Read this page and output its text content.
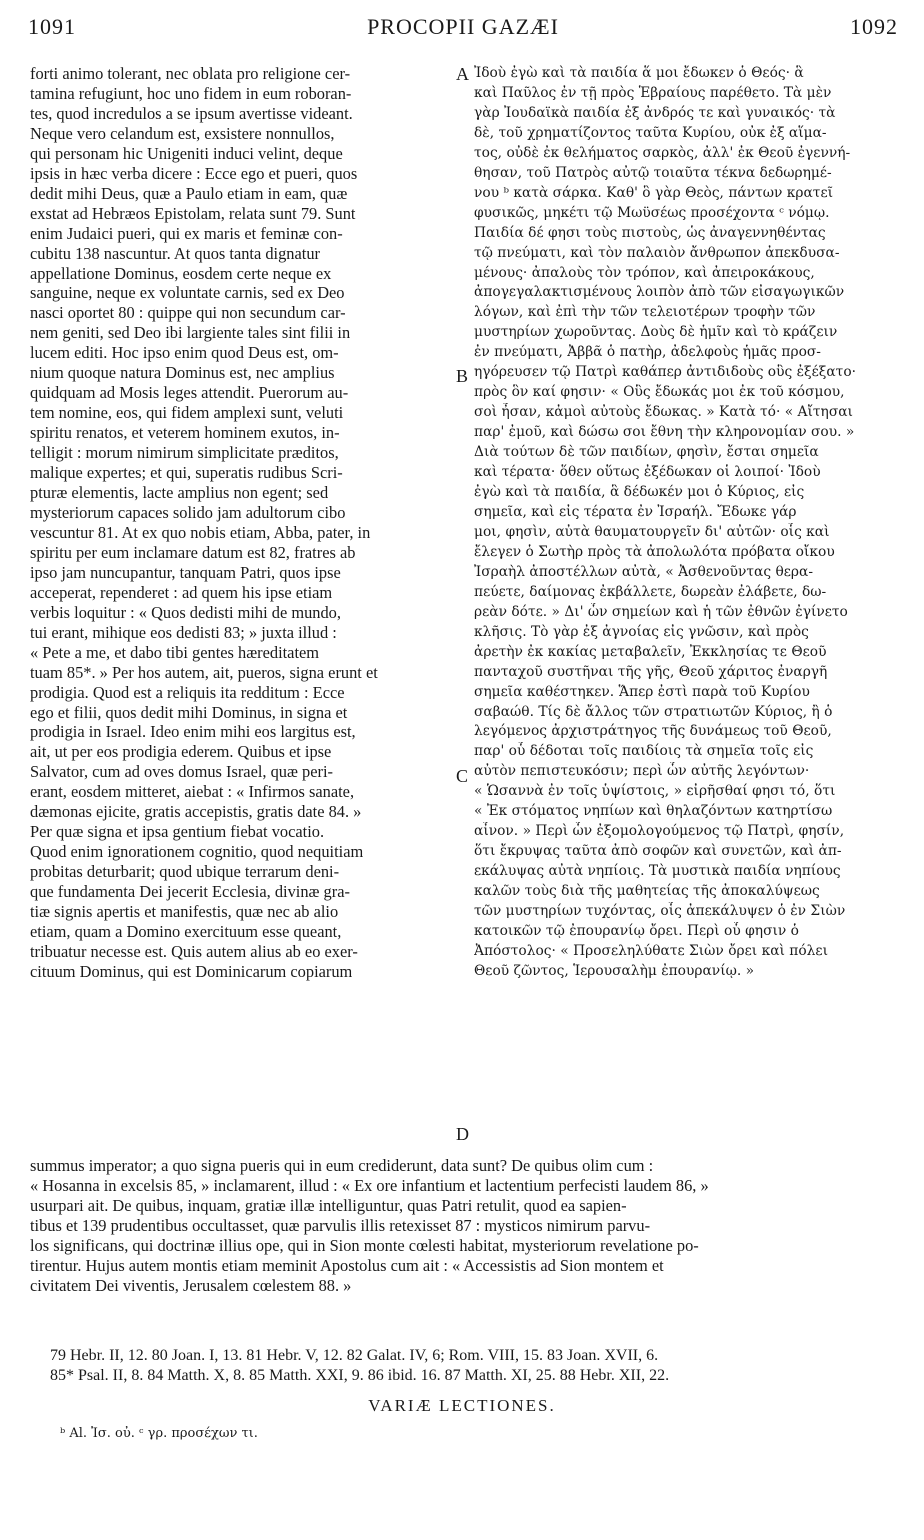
1091	PROCOPII GAZÆI	1092
forti animo tolerant, nec oblata pro religione cer-
tamina refugiunt, hoc uno fidem in eum roboran-
tes, quod incredulos a se ipsum avertisse videant.
Neque vero celandum est, exsistere nonnullos,
qui personam hic Unigeniti induci velint, deque
ipsis in hæc verba dicere : Ecce ego et pueri, quos
dedit mihi Deus, quæ a Paulo etiam in eam, quæ
exstat ad Hebræos Epistolam, relata sunt 79. Sunt
enim Judaici pueri, qui ex maris et feminæ con-
cubitu 138 nascuntur. At quos tanta dignatur
appellatione Dominus, eosdem certe neque ex
sanguine, neque ex voluntate carnis, sed ex Deo
nasci oportet 80 : quippe qui non secundum car-
nem geniti, sed Deo ibi largiente tales sint filii in
lucem editi. Hoc ipso enim quod Deus est, om-
nium quoque natura Dominus est, nec amplius
quidquam ad Mosis leges attendit. Puerorum au-
tem nomine, eos, qui fidem amplexi sunt, veluti
spiritu renatos, et veterem hominem exutos, in-
telligit : morum nimirum simplicitate præditos,
malique expertes; et qui, superatis rudibus Scri-
pturæ elementis, lacte amplius non egent; sed
mysteriorum capaces solido jam adultorum cibo
vescuntur 81. At ex quo nobis etiam, Abba, pater, in
spiritu per eum inclamare datum est 82, fratres ab
ipso jam nuncupantur, tanquam Patri, quos ipse
acceperat, rependeret : ad quem his ipse etiam
verbis loquitur : « Quos dedisti mihi de mundo,
tui erant, mihique eos dedisti 83; » juxta illud :
« Pete a me, et dabo tibi gentes hæreditatem
tuam 85*. » Per hos autem, ait, pueros, signa erunt et
prodigia. Quod est a reliquis ita redditum : Ecce
ego et filii, quos dedit mihi Dominus, in signa et
prodigia in Israel. Ideo enim mihi eos largitus est,
ait, ut per eos prodigia ederem. Quibus et ipse
Salvator, cum ad oves domus Israel, quæ peri-
erant, eosdem mitteret, aiebat : « Infirmos sanate,
dæmonas ejicite, gratis accepistis, gratis date 84. »
Per quæ signa et ipsa gentium fiebat vocatio.
Quod enim ignorationem cognitio, quod nequitiam
probitas deturbarit; quod ubique terrarum deni-
que fundamenta Dei jecerit Ecclesia, divinæ gra-
tiæ signis apertis et manifestis, quæ nec ab alio
etiam, quam a Domino exercituum esse queant,
tribuatur necesse est. Quis autem alius ab eo exer-
cituum Dominus, qui est Dominicarum copiarum
Ἰδοὺ ἐγὼ καὶ τὰ παιδία ἅ μοι ἔδωκεν ὁ Θεός· ἃ
καὶ Παῦλος ἐν τῇ πρὸς Ἑβραίους παρέθετο. Τὰ μὲν
γὰρ Ἰουδαϊκὰ παιδία ἐξ ἀνδρός τε καὶ γυναικός· τὰ
δὲ, τοῦ χρηματίζοντος ταῦτα Κυρίου, οὐκ ἐξ αἵμα-
τος, οὐδὲ ἐκ θελήματος σαρκὸς, ἀλλ' ἐκ Θεοῦ ἐγεννή-
θησαν, τοῦ Πατρὸς αὐτῷ τοιαῦτα τέκνα δεδωρημέ-
νου ᵇ κατὰ σάρκα. Καθ' ὃ γὰρ Θεὸς, πάντων κρατεῖ
φυσικῶς, μηκέτι τῷ Μωϋσέως προσέχοντα ᶜ νόμῳ.
Παιδία δέ φησι τοὺς πιστοὺς, ὡς ἀναγεννηθέντας
τῷ πνεύματι, καὶ τὸν παλαιὸν ἄνθρωπον ἀπεκδυσα-
μένους· ἀπαλοὺς τὸν τρόπον, καὶ ἀπειροκάκους,
ἀπογεγαλακτισμένους λοιπὸν ἀπὸ τῶν εἰσαγωγικῶν
λόγων, καὶ ἐπὶ τὴν τῶν τελειοτέρων τροφὴν τῶν
μυστηρίων χωροῦντας. Δοὺς δὲ ἡμῖν καὶ τὸ κράζειν
ἐν πνεύματι, Ἀββᾶ ὁ πατὴρ, ἀδελφοὺς ἡμᾶς προσ-
ηγόρευσεν τῷ Πατρὶ καθάπερ ἀντιδιδοὺς οὓς ἐξέξατο·
πρὸς ὃν καί φησιν· « Οὓς ἔδωκάς μοι ἐκ τοῦ κόσμου,
σοὶ ἦσαν, κἀμοὶ αὐτοὺς ἔδωκας. » Κατὰ τό· « Αἴτησαι
παρ' ἐμοῦ, καὶ δώσω σοι ἔθνη τὴν κληρονομίαν σου. »
Διὰ τούτων δὲ τῶν παιδίων, φησὶν, ἔσται σημεῖα
καὶ τέρατα· ὅθεν οὕτως ἐξέδωκαν οἱ λοιποί· Ἰδοὺ
ἐγὼ καὶ τὰ παιδία, ἃ δέδωκέν μοι ὁ Κύριος, εἰς
σημεῖα, καὶ εἰς τέρατα ἐν Ἰσραήλ. Ἔδωκε γάρ
μοι, φησὶν, αὐτὰ θαυματουργεῖν δι' αὐτῶν· οἷς καὶ
ἔλεγεν ὁ Σωτὴρ πρὸς τὰ ἀπολωλότα πρόβατα οἴκου
Ἰσραὴλ ἀποστέλλων αὐτὰ, « Ἀσθενοῦντας θερα-
πεύετε, δαίμονας ἐκβάλλετε, δωρεὰν ἐλάβετε, δω-
ρεὰν δότε. » Δι' ὧν σημείων καὶ ἡ τῶν ἐθνῶν ἐγίνετο
κλῆσις. Τὸ γὰρ ἐξ ἀγνοίας εἰς γνῶσιν, καὶ πρὸς
ἀρετὴν ἐκ κακίας μεταβαλεῖν, Ἐκκλησίας τε Θεοῦ
πανταχοῦ συστῆναι τῆς γῆς, Θεοῦ χάριτος ἐναργῆ
σημεῖα καθέστηκεν. Ἅπερ ἐστὶ παρὰ τοῦ Κυρίου
σαβαώθ. Τίς δὲ ἄλλος τῶν στρατιωτῶν Κύριος, ἢ ὁ
λεγόμενος ἀρχιστράτηγος τῆς δυνάμεως τοῦ Θεοῦ,
παρ' οὗ δέδοται τοῖς παιδίοις τὰ σημεῖα τοῖς εἰς
αὐτὸν πεπιστευκόσιν; περὶ ὧν αὐτῆς λεγόντων·
« Ὡσαννὰ ἐν τοῖς ὑψίστοις, » εἰρῆσθαί φησι τό, ὅτι
« Ἐκ στόματος νηπίων καὶ θηλαζόντων κατηρτίσω
αἶνον. » Περὶ ὧν ἐξομολογούμενος τῷ Πατρὶ, φησίν,
ὅτι ἔκρυψας ταῦτα ἀπὸ σοφῶν καὶ συνετῶν, καὶ ἀπ-
εκάλυψας αὐτὰ νηπίοις. Τὰ μυστικὰ παιδία νηπίους
καλῶν τοὺς διὰ τῆς μαθητείας τῆς ἀποκαλύψεως
τῶν μυστηρίων τυχόντας, οἷς ἀπεκάλυψεν ὁ ἐν Σιὼν
κατοικῶν τῷ ἐπουρανίῳ ὄρει. Περὶ οὗ φησιν ὁ
Ἀπόστολος· « Προσεληλύθατε Σιὼν ὄρει καὶ πόλει
Θεοῦ ζῶντος, Ἱερουσαλὴμ ἐπουρανίῳ. »
A
B
C
D
summus imperator; a quo signa pueris qui in eum crediderunt, data sunt? De quibus olim cum :
« Hosanna in excelsis 85, » inclamarent, illud : « Ex ore infantium et lactentium perfecisti laudem 86, »
usurpari ait. De quibus, inquam, gratiæ illæ intelliguntur, quas Patri retulit, quod ea sapien-
tibus et 139 prudentibus occultasset, quæ parvulis illis retexisset 87 : mysticos nimirum parvu-
los significans, qui doctrinæ illius ope, qui in Sion monte cœlesti habitat, mysteriorum revelatione po-
tirentur. Hujus autem montis etiam meminit Apostolus cum ait : « Accessistis ad Sion montem et
civitatem Dei viventis, Jerusalem cœlestem 88. »
79 Hebr. II, 12. 80 Joan. I, 13. 81 Hebr. V, 12. 82 Galat. IV, 6; Rom. VIII, 15. 83 Joan. XVII, 6.
85* Psal. II, 8. 84 Matth. X, 8. 85 Matth. XXI, 9. 86 ibid. 16. 87 Matth. XI, 25. 88 Hebr. XII, 22.
VARIÆ LECTIONES.
ᵇ Al. Ἰσ. οὐ. ᶜ γρ. προσέχων τι.
